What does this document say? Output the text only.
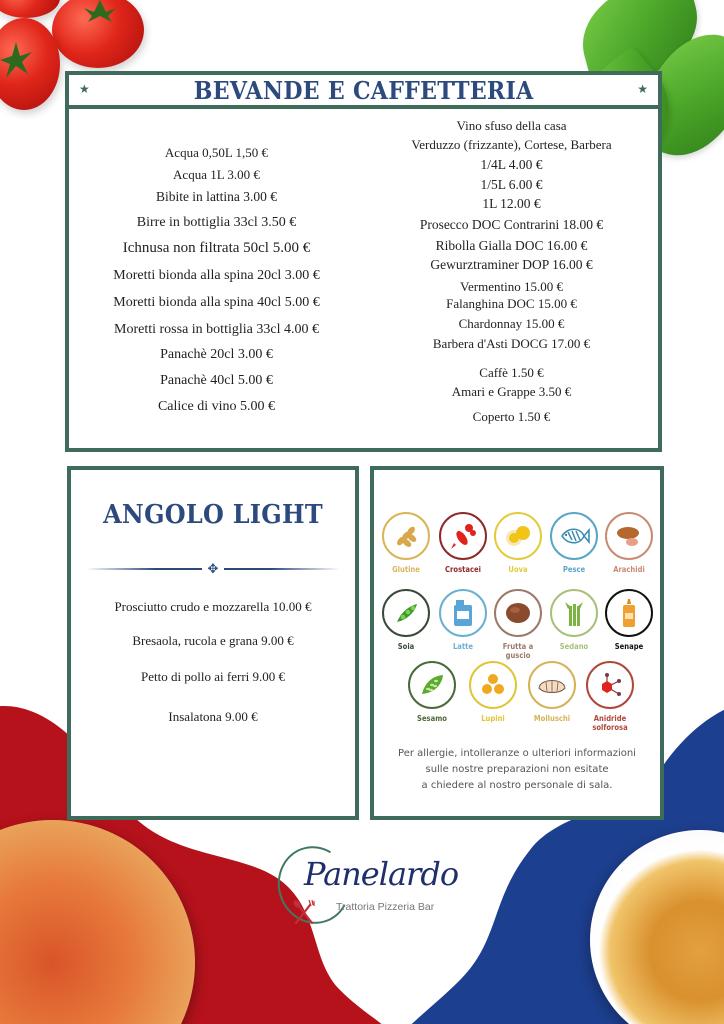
★	BEVANDE E CAFFETTERIA	★
Acqua 0,50L 1,50 €
Acqua 1L 3.00 €
Bibite in lattina 3.00 €
Birre in bottiglia 33cl 3.50 €
Ichnusa non filtrata 50cl 5.00 €
Moretti bionda alla spina 20cl 3.00 €
Moretti bionda alla spina 40cl 5.00 €
Moretti rossa in bottiglia 33cl 4.00 €
Panachè 20cl 3.00 €
Panachè 40cl 5.00 €
Calice di vino 5.00 €
Vino sfuso della casa
Verduzzo (frizzante), Cortese, Barbera
1/4L 4.00 €
1/5L 6.00 €
1L 12.00 €
Prosecco DOC Contrarini 18.00 €
Ribolla Gialla DOC 16.00 €
Gewurztraminer DOP 16.00 €
Vermentino 15.00 €
Falanghina DOC 15.00 €
Chardonnay 15.00 €
Barbera d'Asti DOCG 17.00 €
Caffè 1.50 €
Amari e Grappe 3.50 €
Coperto 1.50 €
ANGOLO LIGHT
✥
Prosciutto crudo e mozzarella 10.00 €
Bresaola, rucola e grana 9.00 €
Petto di pollo ai ferri 9.00 €
Insalatona 9.00 €
Glutine	Crostacei	Uova	Pesce	Arachidi
Soia	Latte	Frutta a guscio
Sedano	Senape
Sesamo	Lupini	Molluschi	Anidride solforosa
Per allergie, intolleranze o ulteriori informazioni
sulle nostre preparazioni non esitate
a chiedere al nostro personale di sala.
Panelardo
Trattoria Pizzeria Bar
